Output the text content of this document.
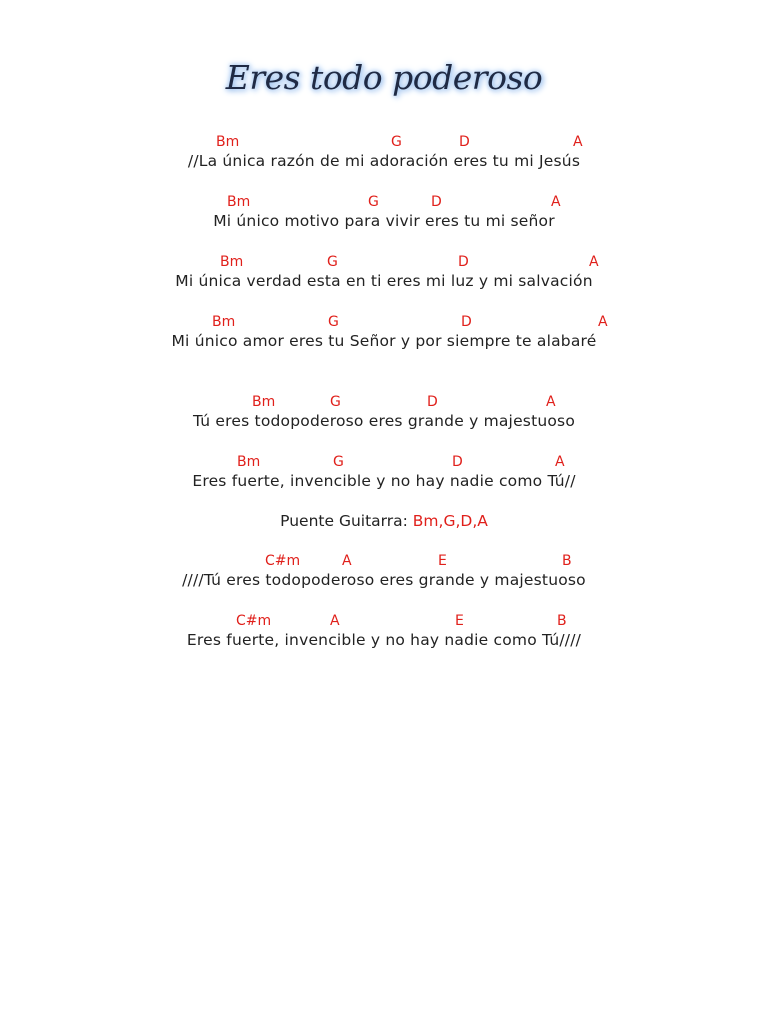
Eres todo poderoso
Bm	G	D	A
//La única razón de mi adoración eres tu mi Jesús
Bm	G	D	A
Mi único motivo para vivir eres tu mi señor
Bm	G	D	A
Mi única verdad esta en ti eres mi luz y mi salvación
Bm	G	D	A
Mi único amor eres tu Señor y por siempre te alabaré
Bm	G	D	A
Tú eres todopoderoso eres grande y majestuoso
Bm	G	D	A
Eres fuerte, invencible y no hay nadie como Tú//
Puente Guitarra: Bm,G,D,A
C#m	A	E	B
////Tú eres todopoderoso eres grande y majestuoso
C#m	A	E	B
Eres fuerte, invencible y no hay nadie como Tú////
